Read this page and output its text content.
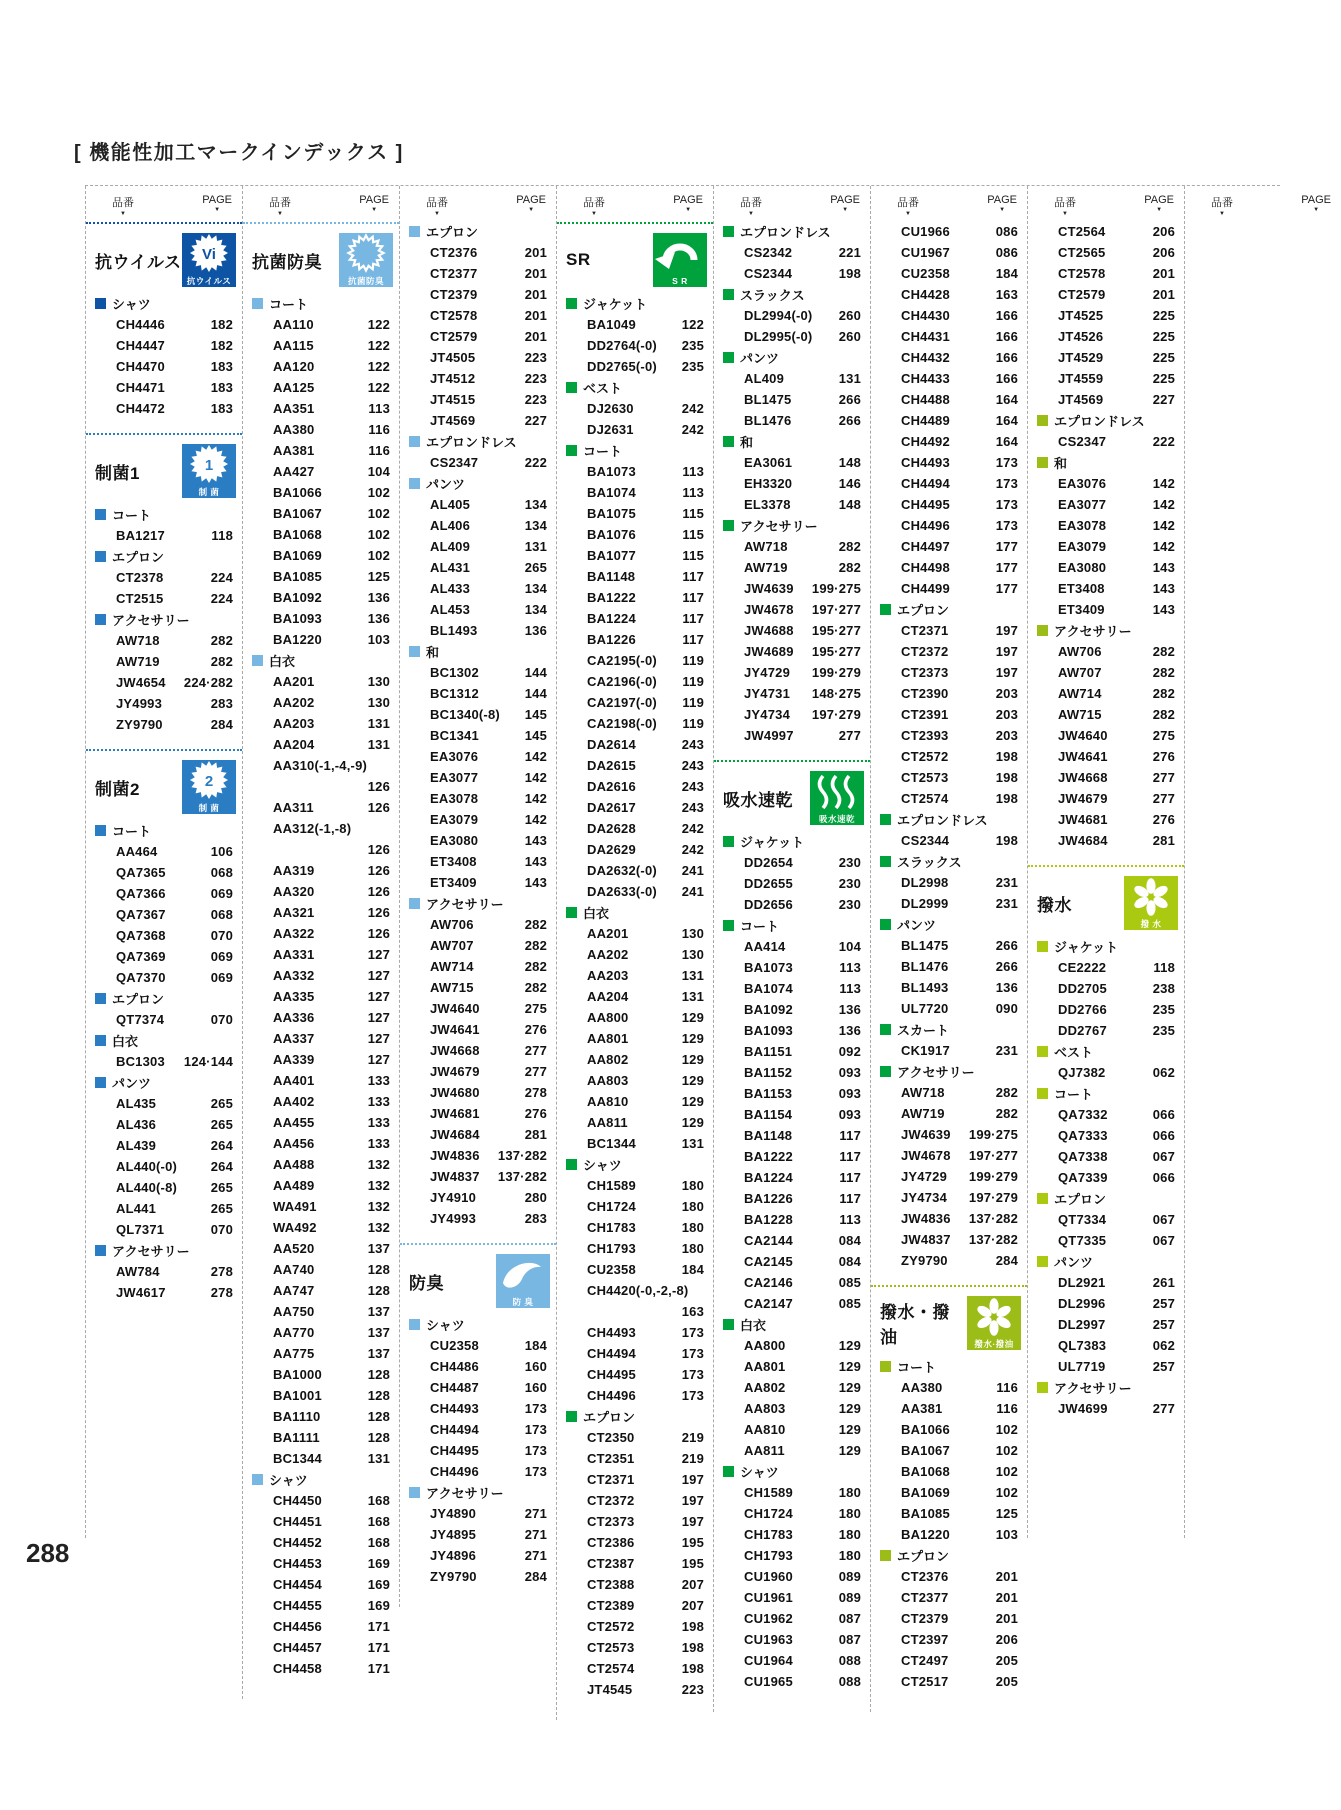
[ 機能性加工マークインデックス ]
品番
▼
PAGE
▼
抗ウイルス Vi
抗ウイルス
シャツ
CH4446	182
CH4447	182
CH4470	183
CH4471	183
CH4472	183
制菌1	1
制 菌
コート
BA1217	118
エプロン
CT2378	224
CT2515	224
アクセサリー
AW718	282
AW719	282
JW4654 224·282
JY4993	283
ZY9790	284
制菌2	2
制 菌
コート
AA464	106
QA7365	068
QA7366	069
QA7367	068
QA7368	070
QA7369	069
QA7370	069
エプロン
QT7374	070
白衣
BC1303 124·144
パンツ
AL435	265
AL436	265
AL439	264
AL440(-0)	264
AL440(-8)	265
AL441	265
QL7371	070
アクセサリー
AW784	278
JW4617	278
品番
▼
PAGE
▼
抗菌防臭
抗菌防臭
コート
AA110	122
AA115	122
AA120	122
AA125	122
AA351	113
AA380	116
AA381	116
AA427	104
BA1066	102
BA1067	102
BA1068	102
BA1069	102
BA1085	125
BA1092	136
BA1093	136
BA1220	103
白衣
AA201	130
AA202	130
AA203	131
AA204	131
AA310(-1,-4,-9)
126
AA311	126
AA312(-1,-8)
126
AA319	126
AA320	126
AA321	126
AA322	126
AA331	127
AA332	127
AA335	127
AA336	127
AA337	127
AA339	127
AA401	133
AA402	133
AA455	133
AA456	133
AA488	132
AA489	132
WA491	132
WA492	132
AA520	137
AA740	128
AA747	128
AA750	137
AA770	137
AA775	137
BA1000	128
BA1001	128
BA1110	128
BA1111	128
BC1344	131
シャツ
CH4450	168
CH4451	168
CH4452	168
CH4453	169
CH4454	169
CH4455	169
CH4456	171
CH4457	171
CH4458	171
品番
▼
PAGE
▼
エプロン
CT2376	201
CT2377	201
CT2379	201
CT2578	201
CT2579	201
JT4505	223
JT4512	223
JT4515	223
JT4569	227
エプロンドレス
CS2347	222
パンツ
AL405	134
AL406	134
AL409	131
AL431	265
AL433	134
AL453	134
BL1493	136
和
BC1302	144
BC1312	144
BC1340(-8) 145
BC1341	145
EA3076	142
EA3077	142
EA3078	142
EA3079	142
EA3080	143
ET3408	143
ET3409	143
アクセサリー
AW706	282
AW707	282
AW714	282
AW715	282
JW4640	275
JW4641	276
JW4668	277
JW4679	277
JW4680	278
JW4681	276
JW4684	281
JW4836 137·282
JW4837 137·282
JY4910	280
JY4993	283
防臭
防 臭
シャツ
CU2358	184
CH4486	160
CH4487	160
CH4493	173
CH4494	173
CH4495	173
CH4496	173
アクセサリー
JY4890	271
JY4895	271
JY4896	271
ZY9790	284
品番
▼
PAGE
▼
SR
S R
ジャケット
BA1049	122
DD2764(-0) 235
DD2765(-0) 235
ベスト
DJ2630	242
DJ2631	242
コート
BA1073	113
BA1074	113
BA1075	115
BA1076	115
BA1077	115
BA1148	117
BA1222	117
BA1224	117
BA1226	117
CA2195(-0) 119
CA2196(-0) 119
CA2197(-0) 119
CA2198(-0) 119
DA2614	243
DA2615	243
DA2616	243
DA2617	243
DA2628	242
DA2629	242
DA2632(-0) 241
DA2633(-0) 241
白衣
AA201	130
AA202	130
AA203	131
AA204	131
AA800	129
AA801	129
AA802	129
AA803	129
AA810	129
AA811	129
BC1344	131
シャツ
CH1589	180
CH1724	180
CH1783	180
CH1793	180
CU2358	184
CH4420(-0,-2,-8)
163
CH4493	173
CH4494	173
CH4495	173
CH4496	173
エプロン
CT2350	219
CT2351	219
CT2371	197
CT2372	197
CT2373	197
CT2386	195
CT2387	195
CT2388	207
CT2389	207
CT2572	198
CT2573	198
CT2574	198
JT4545	223
品番
▼
PAGE
▼
エプロンドレス
CS2342	221
CS2344	198
スラックス
DL2994(-0) 260
DL2995(-0) 260
パンツ
AL409	131
BL1475	266
BL1476	266
和
EA3061	148
EH3320	146
EL3378	148
アクセサリー
AW718	282
AW719	282
JW4639 199·275
JW4678 197·277
JW4688 195·277
JW4689 195·277
JY4729 199·279
JY4731 148·275
JY4734 197·279
JW4997	277
吸水速乾
吸水速乾
ジャケット
DD2654	230
DD2655	230
DD2656	230
コート
AA414	104
BA1073	113
BA1074	113
BA1092	136
BA1093	136
BA1151	092
BA1152	093
BA1153	093
BA1154	093
BA1148	117
BA1222	117
BA1224	117
BA1226	117
BA1228	113
CA2144	084
CA2145	084
CA2146	085
CA2147	085
白衣
AA800	129
AA801	129
AA802	129
AA803	129
AA810	129
AA811	129
シャツ
CH1589	180
CH1724	180
CH1783	180
CH1793	180
CU1960	089
CU1961	089
CU1962	087
CU1963	087
CU1964	088
CU1965	088
品番
▼
PAGE
▼
CU1966	086
CU1967	086
CU2358	184
CH4428	163
CH4430	166
CH4431	166
CH4432	166
CH4433	166
CH4488	164
CH4489	164
CH4492	164
CH4493	173
CH4494	173
CH4495	173
CH4496	173
CH4497	177
CH4498	177
CH4499	177
エプロン
CT2371	197
CT2372	197
CT2373	197
CT2390	203
CT2391	203
CT2393	203
CT2572	198
CT2573	198
CT2574	198
エプロンドレス
CS2344	198
スラックス
DL2998	231
DL2999	231
パンツ
BL1475	266
BL1476	266
BL1493	136
UL7720	090
スカート
CK1917	231
アクセサリー
AW718	282
AW719	282
JW4639 199·275
JW4678 197·277
JY4729 199·279
JY4734 197·279
JW4836 137·282
JW4837 137·282
ZY9790	284
撥水・撥油	撥水·撥油
コート
AA380	116
AA381	116
BA1066	102
BA1067	102
BA1068	102
BA1069	102
BA1085	125
BA1220	103
エプロン
CT2376	201
CT2377	201
CT2379	201
CT2397	206
CT2497	205
CT2517	205
品番
▼
PAGE
▼
CT2564	206
CT2565	206
CT2578	201
CT2579	201
JT4525	225
JT4526	225
JT4529	225
JT4559	225
JT4569	227
エプロンドレス
CS2347	222
和
EA3076	142
EA3077	142
EA3078	142
EA3079	142
EA3080	143
ET3408	143
ET3409	143
アクセサリー
AW706	282
AW707	282
AW714	282
AW715	282
JW4640	275
JW4641	276
JW4668	277
JW4679	277
JW4681	276
JW4684	281
撥水
撥 水
ジャケット
CE2222	118
DD2705	238
DD2766	235
DD2767	235
ベスト
QJ7382	062
コート
QA7332	066
QA7333	066
QA7338	067
QA7339	066
エプロン
QT7334	067
QT7335	067
パンツ
DL2921	261
DL2996	257
DL2997	257
QL7383	062
UL7719	257
アクセサリー
JW4699	277
品番
▼
PAGE
▼
288
